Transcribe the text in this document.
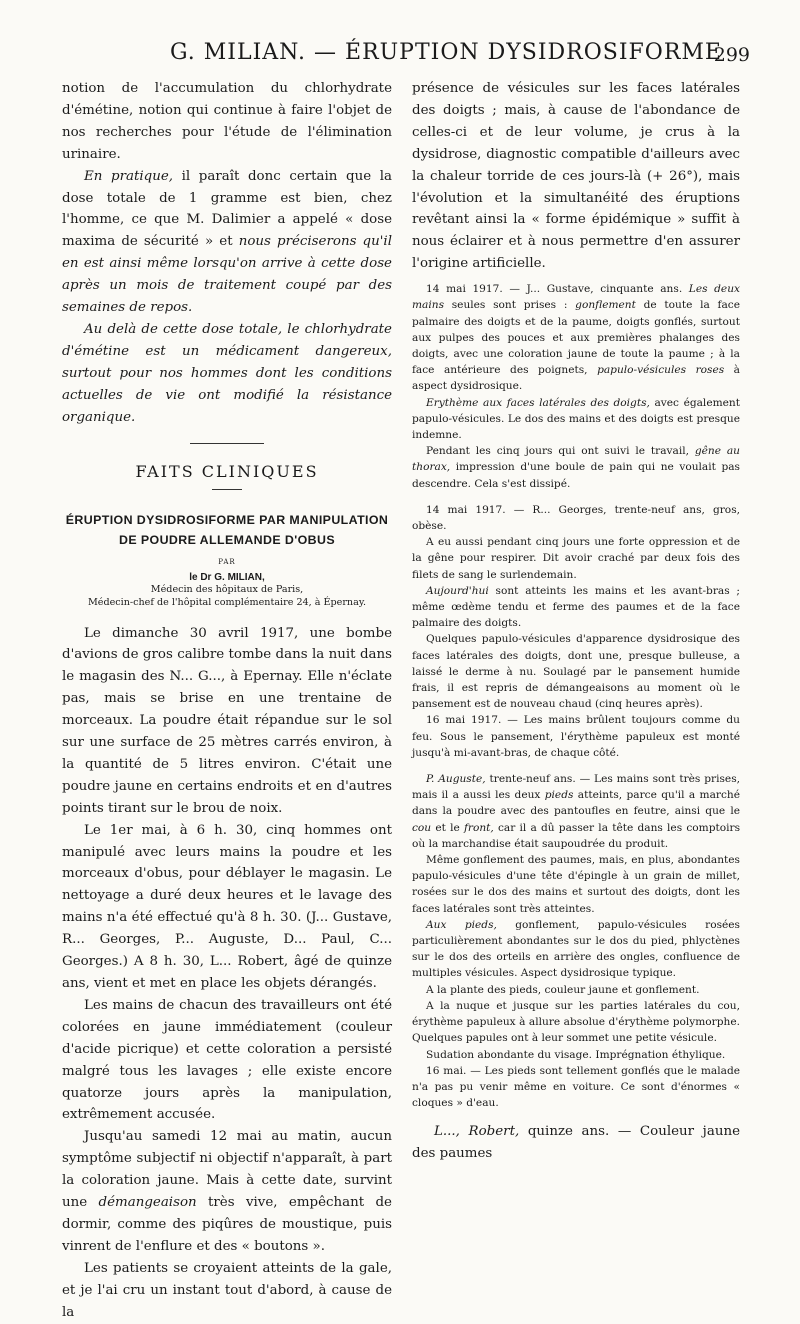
G. MILIAN. — ÉRUPTION DYSIDROSIFORME
299

notion de l'accumulation du chlorhydrate d'émétine, notion qui continue à faire l'objet de nos recherches pour l'étude de l'élimination urinaire.

En pratique, il paraît donc certain que la dose totale de 1 gramme est bien, chez l'homme, ce que M. Dalimier a appelé « dose maxima de sécurité » et nous préciserons qu'il en est ainsi même lorsqu'on arrive à cette dose après un mois de traitement coupé par des semaines de repos.

Au delà de cette dose totale, le chlorhydrate d'émétine est un médicament dangereux, surtout pour nos hommes dont les conditions actuelles de vie ont modifié la résistance organique.

FAITS CLINIQUES

ÉRUPTION DYSIDROSIFORME PAR MANIPULATION DE POUDRE ALLEMANDE D'OBUS

PAR

le Dr G. MILIAN,

Médecin des hôpitaux de Paris,

Médecin-chef de l'hôpital complémentaire 24, à Épernay.

Le dimanche 30 avril 1917, une bombe d'avions de gros calibre tombe dans la nuit dans le magasin des N... G..., à Epernay. Elle n'éclate pas, mais se brise en une trentaine de morceaux. La poudre était répandue sur le sol sur une surface de 25 mètres carrés environ, à la quantité de 5 litres environ. C'était une poudre jaune en certains endroits et en d'autres points tirant sur le brou de noix.

Le 1er mai, à 6 h. 30, cinq hommes ont manipulé avec leurs mains la poudre et les morceaux d'obus, pour déblayer le magasin. Le nettoyage a duré deux heures et le lavage des mains n'a été effectué qu'à 8 h. 30. (J... Gustave, R... Georges, P... Auguste, D... Paul, C... Georges.) A 8 h. 30, L... Robert, âgé de quinze ans, vient et met en place les objets dérangés.

Les mains de chacun des travailleurs ont été colorées en jaune immédiatement (couleur d'acide picrique) et cette coloration a persisté malgré tous les lavages ; elle existe encore quatorze jours après la manipulation, extrêmement accusée.

Jusqu'au samedi 12 mai au matin, aucun symptôme subjectif ni objectif n'apparaît, à part la coloration jaune. Mais à cette date, survint une démangeaison très vive, empêchant de dormir, comme des piqûres de moustique, puis vinrent de l'enflure et des « boutons ».

Les patients se croyaient atteints de la gale, et je l'ai cru un instant tout d'abord, à cause de la

présence de vésicules sur les faces latérales des doigts ; mais, à cause de l'abondance de celles-ci et de leur volume, je crus à la dysidrose, diagnostic compatible d'ailleurs avec la chaleur torride de ces jours-là (+ 26°), mais l'évolution et la simultanéité des éruptions revêtant ainsi la « forme épidémique » suffit à nous éclairer et à nous permettre d'en assurer l'origine artificielle.

14 mai 1917. — J... Gustave, cinquante ans. Les deux mains seules sont prises : gonflement de toute la face palmaire des doigts et de la paume, doigts gonflés, surtout aux pulpes des pouces et aux premières phalanges des doigts, avec une coloration jaune de toute la paume ; à la face antérieure des poignets, papulo-vésicules roses à aspect dysidrosique.

Erythème aux faces latérales des doigts, avec également papulo-vésicules. Le dos des mains et des doigts est presque indemne.

Pendant les cinq jours qui ont suivi le travail, gêne au thorax, impression d'une boule de pain qui ne voulait pas descendre. Cela s'est dissipé.

14 mai 1917. — R... Georges, trente-neuf ans, gros, obèse.

A eu aussi pendant cinq jours une forte oppression et de la gêne pour respirer. Dit avoir craché par deux fois des filets de sang le surlendemain.

Aujourd'hui sont atteints les mains et les avant-bras ; même œdème tendu et ferme des paumes et de la face palmaire des doigts.

Quelques papulo-vésicules d'apparence dysidrosique des faces latérales des doigts, dont une, presque bulleuse, a laissé le derme à nu. Soulagé par le pansement humide frais, il est repris de démangeaisons au moment où le pansement est de nouveau chaud (cinq heures après).

16 mai 1917. — Les mains brûlent toujours comme du feu. Sous le pansement, l'érythème papuleux est monté jusqu'à mi-avant-bras, de chaque côté.

P. Auguste, trente-neuf ans. — Les mains sont très prises, mais il a aussi les deux pieds atteints, parce qu'il a marché dans la poudre avec des pantoufles en feutre, ainsi que le cou et le front, car il a dû passer la tête dans les comptoirs où la marchandise était saupoudrée du produit.

Même gonflement des paumes, mais, en plus, abondantes papulo-vésicules d'une tête d'épingle à un grain de millet, rosées sur le dos des mains et surtout des doigts, dont les faces latérales sont très atteintes.

Aux pieds, gonflement, papulo-vésicules rosées particulièrement abondantes sur le dos du pied, phlyctènes sur le dos des orteils en arrière des ongles, confluence de multiples vésicules. Aspect dysidrosique typique.

A la plante des pieds, couleur jaune et gonflement.

A la nuque et jusque sur les parties latérales du cou, érythème papuleux à allure absolue d'érythème polymorphe. Quelques papules ont à leur sommet une petite vésicule.

Sudation abondante du visage. Imprégnation éthylique.

16 mai. — Les pieds sont tellement gonflés que le malade n'a pas pu venir même en voiture. Ce sont d'énormes « cloques » d'eau.

L..., Robert, quinze ans. — Couleur jaune des paumes
